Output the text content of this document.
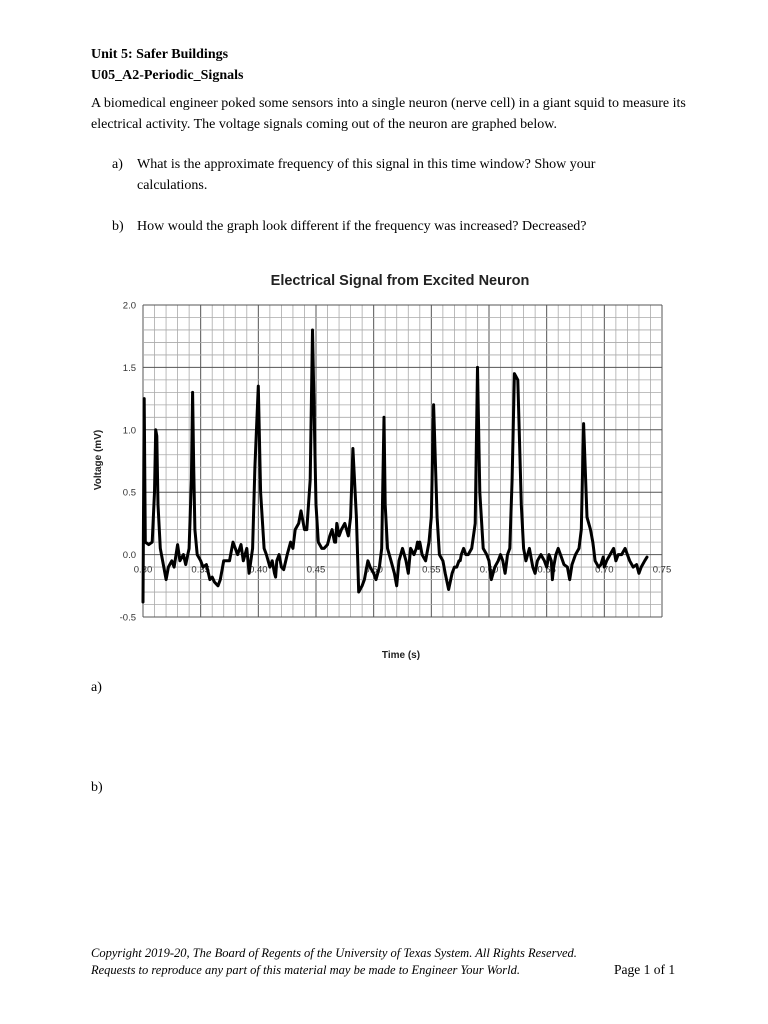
Unit 5: Safer Buildings
U05_A2-Periodic_Signals
A biomedical engineer poked some sensors into a single neuron (nerve cell) in a giant squid to measure its electrical activity. The voltage signals coming out of the neuron are graphed below.
a) What is the approximate frequency of this signal in this time window? Show your calculations.
b) How would the graph look different if the frequency was increased? Decreased?
Electrical Signal from Excited Neuron
0.30	0.35	0.40	0.45	0.50	0.55	0.60	0.65	0.70	0.75
-0.5
0.0
0.5
1.0
1.5
2.0
Voltage (mV)
Time (s)
a)
b)
Copyright 2019-20, The Board of Regents of the University of Texas System. All Rights Reserved.
Requests to reproduce any part of this material may be made to Engineer Your World.	Page 1 of 1
